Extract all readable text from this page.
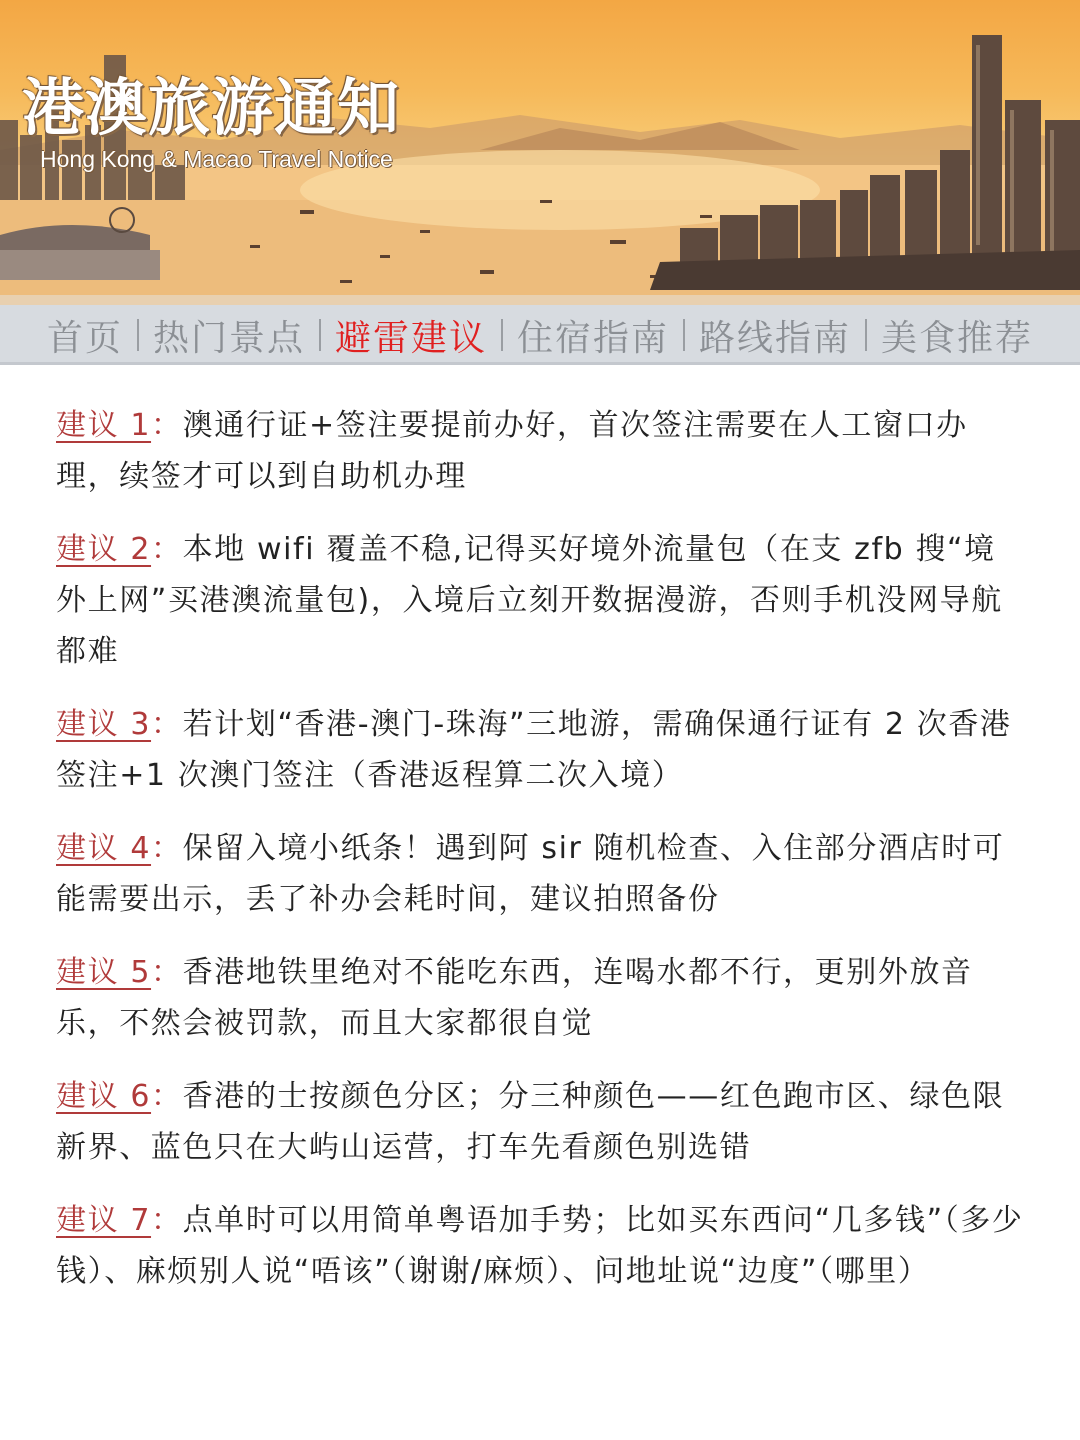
港澳旅游通知
Hong Kong & Macao Travel Notice
首页 热门景点 避雷建议 住宿指南 路线指南 美食推荐

建议 1：澳通行证+签注要提前办好，首次签注需要在人工窗口办理，续签才可以到自助机办理

建议 2：本地 wifi 覆盖不稳,记得买好境外流量包（在支 zfb 搜“境外上网”买港澳流量包)，入境后立刻开数据漫游，否则手机没网导航都难

建议 3：若计划“香港-澳门-珠海”三地游，需确保通行证有 2 次香港签注+1 次澳门签注（香港返程算二次入境）

建议 4：保留入境小纸条！遇到阿 sir 随机检查、入住部分酒店时可能需要出示，丢了补办会耗时间，建议拍照备份

建议 5：香港地铁里绝对不能吃东西，连喝水都不行，更别外放音乐，不然会被罚款，而且大家都很自觉

建议 6：香港的士按颜色分区；分三种颜色——红色跑市区、绿色限新界、蓝色只在大屿山运营，打车先看颜色别选错

建议 7：点单时可以用简单粤语加手势；比如买东西问“几多钱”（多少钱）、麻烦别人说“唔该”（谢谢/麻烦）、问地址说“边度”（哪里）
